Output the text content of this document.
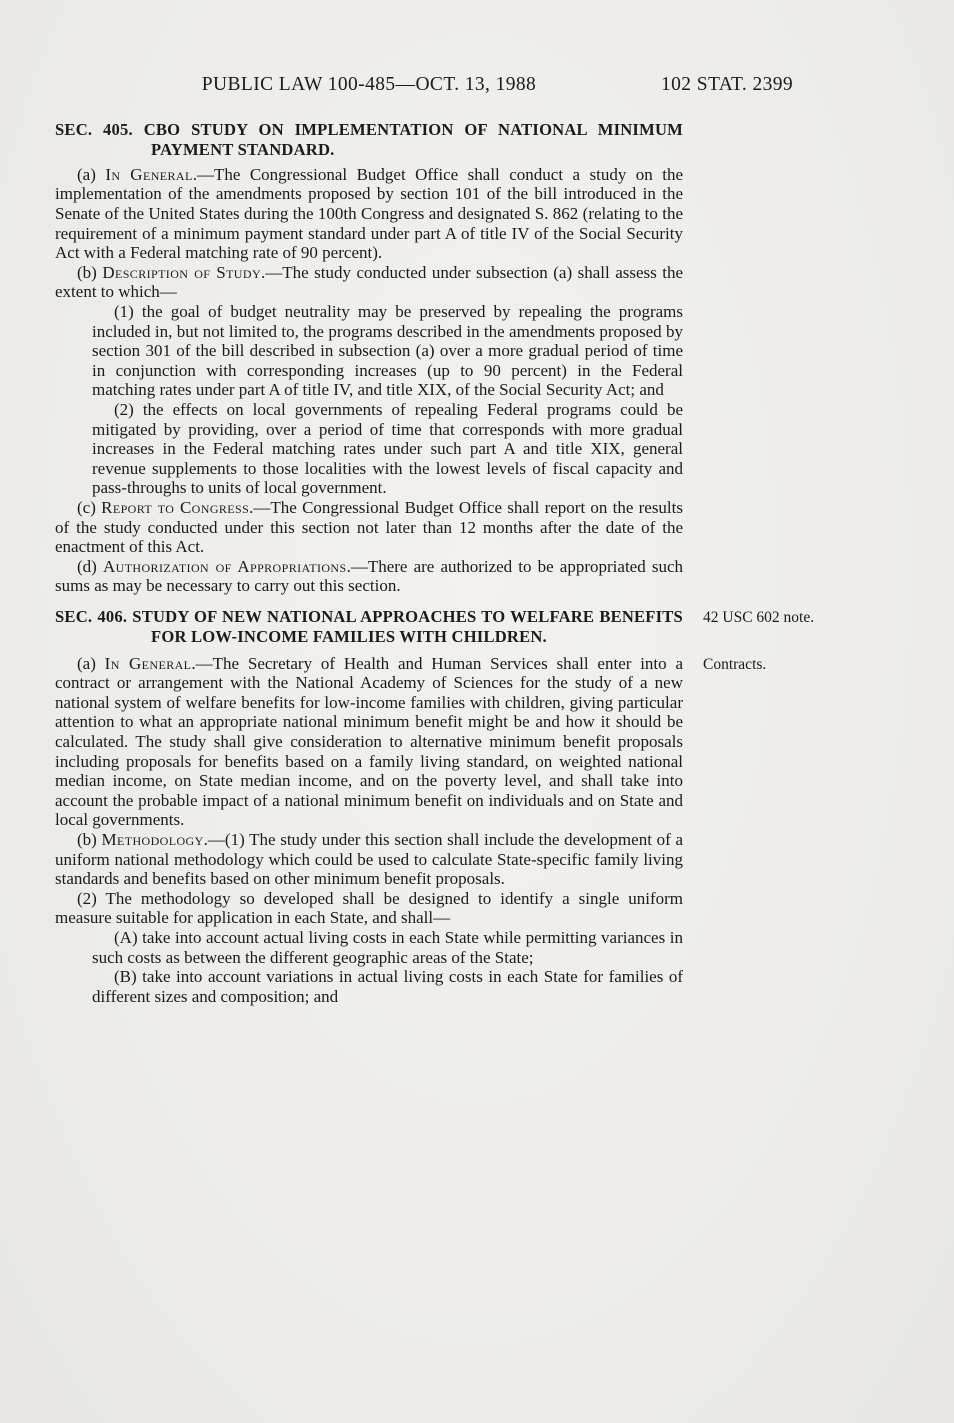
PUBLIC LAW 100-485—OCT. 13, 1988	102 STAT. 2399
SEC. 405. CBO STUDY ON IMPLEMENTATION OF NATIONAL MINIMUM PAYMENT STANDARD.

(a) In General.—The Congressional Budget Office shall conduct a study on the implementation of the amendments proposed by section 101 of the bill introduced in the Senate of the United States during the 100th Congress and designated S. 862 (relating to the requirement of a minimum payment standard under part A of title IV of the Social Security Act with a Federal matching rate of 90 percent).

(b) Description of Study.—The study conducted under subsection (a) shall assess the extent to which—

(1) the goal of budget neutrality may be preserved by repealing the programs included in, but not limited to, the programs described in the amendments proposed by section 301 of the bill described in subsection (a) over a more gradual period of time in conjunction with corresponding increases (up to 90 percent) in the Federal matching rates under part A of title IV, and title XIX, of the Social Security Act; and

(2) the effects on local governments of repealing Federal programs could be mitigated by providing, over a period of time that corresponds with more gradual increases in the Federal matching rates under such part A and title XIX, general revenue supplements to those localities with the lowest levels of fiscal capacity and pass-throughs to units of local government.

(c) Report to Congress.—The Congressional Budget Office shall report on the results of the study conducted under this section not later than 12 months after the date of the enactment of this Act.

(d) Authorization of Appropriations.—There are authorized to be appropriated such sums as may be necessary to carry out this section.

SEC. 406. STUDY OF NEW NATIONAL APPROACHES TO WELFARE BENEFITS FOR LOW-INCOME FAMILIES WITH CHILDREN.
42 USC 602 note.

(a) In General.—The Secretary of Health and Human Services shall enter into a contract or arrangement with the National Academy of Sciences for the study of a new national system of welfare benefits for low-income families with children, giving particular attention to what an appropriate national minimum benefit might be and how it should be calculated. The study shall give consideration to alternative minimum benefit proposals including proposals for benefits based on a family living standard, on weighted national median income, on State median income, and on the poverty level, and shall take into account the probable impact of a national minimum benefit on individuals and on State and local governments.
Contracts.

(b) Methodology.—(1) The study under this section shall include the development of a uniform national methodology which could be used to calculate State-specific family living standards and benefits based on other minimum benefit proposals.

(2) The methodology so developed shall be designed to identify a single uniform measure suitable for application in each State, and shall—

(A) take into account actual living costs in each State while permitting variances in such costs as between the different geographic areas of the State;

(B) take into account variations in actual living costs in each State for families of different sizes and composition; and
